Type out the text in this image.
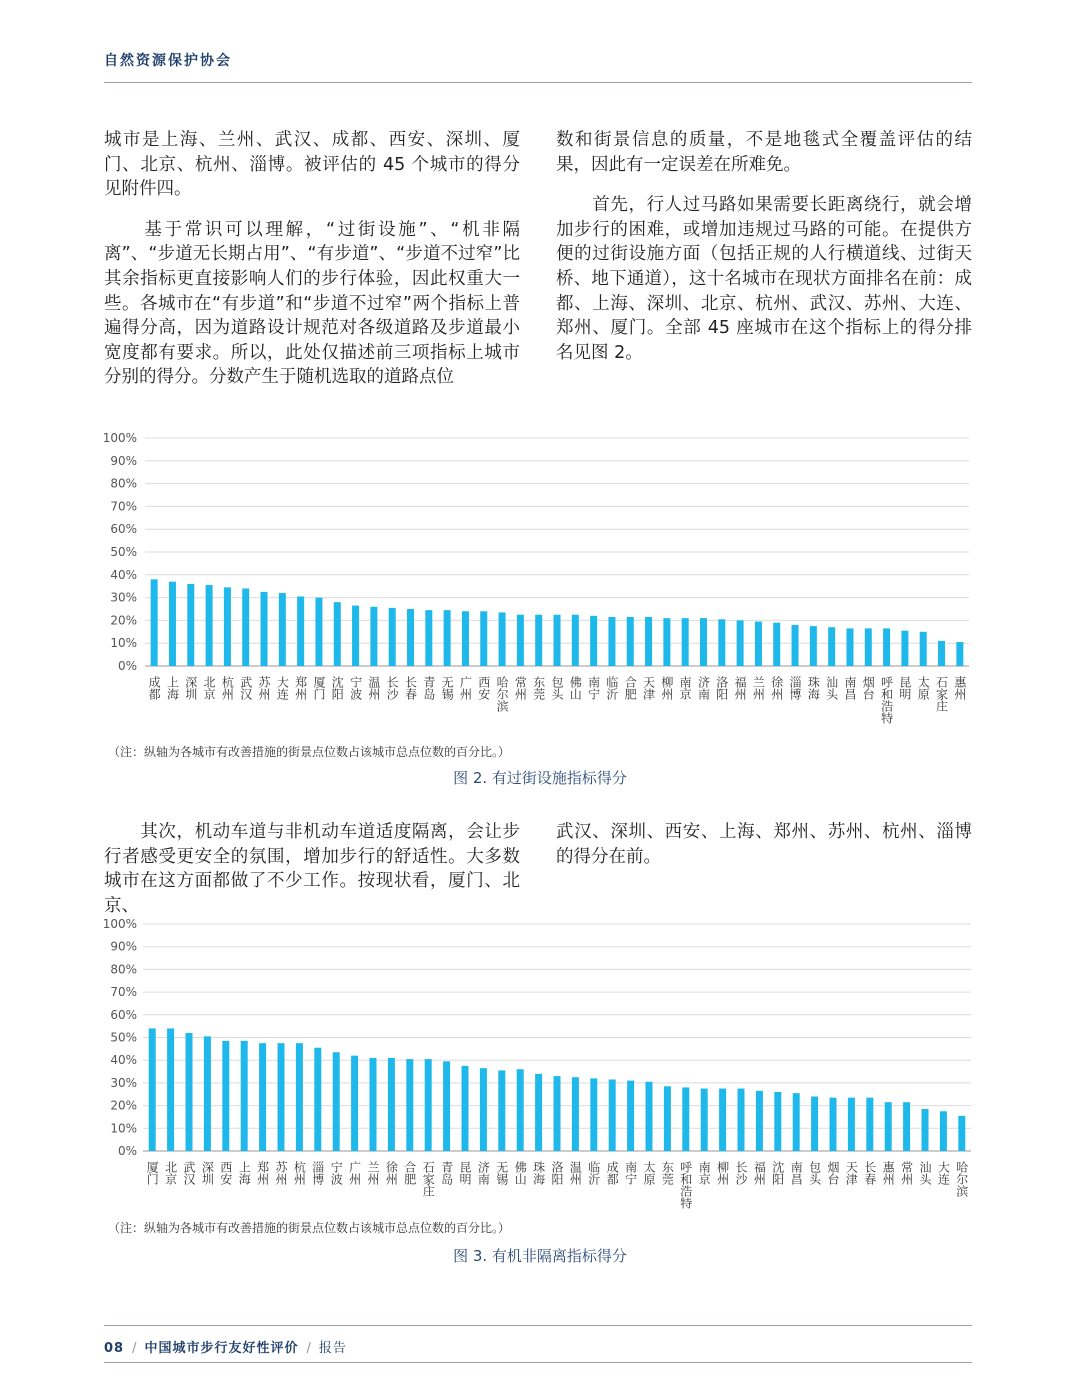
自然资源保护协会

城市是上海、兰州、武汉、成都、西安、深圳、厦门、北京、杭州、淄博。被评估的 45 个城市的得分见附件四。

　　基于常识可以理解，“过街设施”、“机非隔离”、“步道无长期占用”、“有步道”、“步道不过窄”比其余指标更直接影响人们的步行体验，因此权重大一些。各城市在“有步道”和“步道不过窄”两个指标上普遍得分高，因为道路设计规范对各级道路及步道最小宽度都有要求。所以，此处仅描述前三项指标上城市分别的得分。分数产生于随机选取的道路点位

数和街景信息的质量，不是地毯式全覆盖评估的结果，因此有一定误差在所难免。

　　首先，行人过马路如果需要长距离绕行，就会增加步行的困难，或增加违规过马路的可能。在提供方便的过街设施方面（包括正规的人行横道线、过街天桥、地下通道），这十名城市在现状方面排名在前：成都、上海、深圳、北京、杭州、武汉、苏州、大连、郑州、厦门。全部 45 座城市在这个指标上的得分排名见图 2。

0%
10%
20%
30%
40%
50%
60%
70%
80%
90%
100%
成都 上海 深圳 北京 杭州 武汉 苏州 大连 郑州 厦门 沈阳 宁波 温州 长沙 长春 青岛 无锡 广州 西安 哈尔滨 常州 东莞 包头 佛山 南宁 临沂 合肥 天津 柳州 南京 济南 洛阳 福州 兰州 徐州 淄博 珠海 汕头 南昌 烟台 呼和浩特 昆明 太原 石家庄 惠州
（注：纵轴为各城市有改善措施的街景点位数占该城市总点位数的百分比。）
图 2. 有过街设施指标得分

　　其次，机动车道与非机动车道适度隔离，会让步行者感受更安全的氛围，增加步行的舒适性。大多数城市在这方面都做了不少工作。按现状看，厦门、北京、

武汉、深圳、西安、上海、郑州、苏州、杭州、淄博的得分在前。

0%
10%
20%
30%
40%
50%
60%
70%
80%
90%
100%
厦门 北京 武汉 深圳 西安 上海 郑州 苏州 杭州 淄博 宁波 广州 兰州 徐州 合肥 石家庄 青岛 昆明 济南 无锡 佛山 珠海 洛阳 温州 临沂 成都 南宁 太原 东莞 呼和浩特 南京 柳州 长沙 福州 沈阳 南昌 包头 烟台 天津 长春 惠州 常州 汕头 大连 哈尔滨
（注：纵轴为各城市有改善措施的街景点位数占该城市总点位数的百分比。）
图 3. 有机非隔离指标得分
08 / 中国城市步行友好性评价 / 报告
